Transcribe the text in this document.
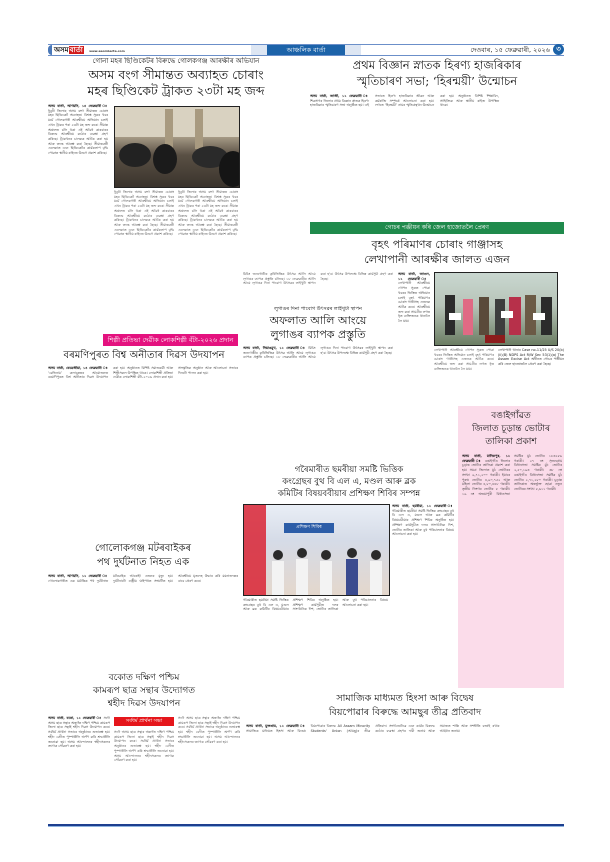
অসমবাৰ্তা www.asombarta.com	আঞ্চলিক বাৰ্তা	দেওবাৰ, ১৫ ফেব্ৰুৱাৰী, ২০২৬ ৩
গোনা মহৰ ছিণ্ডিকেটৰ বিৰুদ্ধে গোলকগঞ্জ আৰক্ষীৰ অভিযান
অসম বংগ সীমান্তত অব্যাহত চোৰাং
মহৰ ছিণ্ডিকেট ট্ৰাকত ২৩টা মহ জব্দ
অসম বাৰ্তা, আগমনি, ১৪ ফেব্ৰুৱাৰী ঃ ধুবুৰী জিলাৰ অসম বংগ সীমান্তত চোৰাং মহৰ ছিণ্ডিকেট অব্যাহত। বিশ্বস্ত সূত্ৰৰ খবৰ মৰ্মে গোলকগঞ্জ আৰক্ষীয়ে অভিযান চলাই এখন ট্ৰাকৰ পৰা ২৩টা মহ জব্দ কৰে। সীমান্ত অঞ্চলত চলি থকা এই অবৈধ কাৰবাৰৰ বিৰুদ্ধে আৰক্ষীয়ে কঠোৰ ব্যৱস্থা গ্ৰহণ কৰিছে। ট্ৰাকখনৰ চালকক আটক কৰা হয় আৰু তদন্ত আৰম্ভ কৰা হৈছে। সীমান্তবৰ্তী এলেকাত এনে ছিণ্ডিকেটৰ কাৰ্যকলাপ বৃদ্ধি পোৱাত স্থানীয় ৰাইজে উদ্বেগ প্ৰকাশ কৰিছে।
ধুবুৰী জিলাৰ অসম বংগ সীমান্তত চোৰাং মহৰ ছিণ্ডিকেট অব্যাহত। বিশ্বস্ত সূত্ৰৰ খবৰ মৰ্মে গোলকগঞ্জ আৰক্ষীয়ে অভিযান চলাই এখন ট্ৰাকৰ পৰা ২৩টা মহ জব্দ কৰে। সীমান্ত অঞ্চলত চলি থকা এই অবৈধ কাৰবাৰৰ বিৰুদ্ধে আৰক্ষীয়ে কঠোৰ ব্যৱস্থা গ্ৰহণ কৰিছে। ট্ৰাকখনৰ চালকক আটক কৰা হয় আৰু তদন্ত আৰম্ভ কৰা হৈছে। সীমান্তবৰ্তী এলেকাত এনে ছিণ্ডিকেটৰ কাৰ্যকলাপ বৃদ্ধি পোৱাত স্থানীয় ৰাইজে উদ্বেগ প্ৰকাশ কৰিছে।
ধুবুৰী জিলাৰ অসম বংগ সীমান্তত চোৰাং মহৰ ছিণ্ডিকেট অব্যাহত। বিশ্বস্ত সূত্ৰৰ খবৰ মৰ্মে গোলকগঞ্জ আৰক্ষীয়ে অভিযান চলাই এখন ট্ৰাকৰ পৰা ২৩টা মহ জব্দ কৰে। সীমান্ত অঞ্চলত চলি থকা এই অবৈধ কাৰবাৰৰ বিৰুদ্ধে আৰক্ষীয়ে কঠোৰ ব্যৱস্থা গ্ৰহণ কৰিছে। ট্ৰাকখনৰ চালকক আটক কৰা হয় আৰু তদন্ত আৰম্ভ কৰা হৈছে। সীমান্তবৰ্তী এলেকাত এনে ছিণ্ডিকেটৰ কাৰ্যকলাপ বৃদ্ধি পোৱাত স্থানীয় ৰাইজে উদ্বেগ প্ৰকাশ কৰিছে।
প্ৰথম বিজ্ঞান স্নাতক হিৰণ্য হাজৰিকাৰ
স্মৃতিচাৰণ সভা; ‘হিৰন্ময়ী’ উন্মোচন
অসম বাৰ্তা, জাজী, ১২ ফেব্ৰুৱাৰী ঃ শিৱসাগৰ জিলাৰ প্ৰথম বিজ্ঞান স্নাতক হিৰণ্য হাজৰিকাৰ স্মৃতিচাৰণ সভা অনুষ্ঠিত হয়। এই সভাতে হিৰণ্য হাজৰিকাৰ জীৱন আৰু কৰ্মৰাজি সম্পৰ্কে আলোচনা কৰা হয়। লগতে ‘হিৰন্ময়ী’ নামৰ স্মৃতিগ্ৰন্থখন উন্মোচন কৰা হয়। অনুষ্ঠানত বিশিষ্ট শিক্ষাবিদ, সাহিত্যিক আৰু স্থানীয় ৰাইজ উপস্থিত থাকে।
গোচৰ পঞ্জীয়ন কৰি জেল হাজোতলৈ প্ৰেৰণ
বৃহৎ পৰিমাণৰ চোৰাং গাঞ্জাসহ
লেখাপানী আৰক্ষীৰ জালত এজন
অসম বাৰ্তা, জাগুন, ১২ ফেব্ৰুৱাৰী ঃ লেখাপানী আৰক্ষীয়ে গোপন সূত্ৰত পোৱা খবৰৰ ভিত্তিত অভিযান চলাই বৃহৎ পৰিমাণৰ চোৰাং গাঞ্জাসহ এজনক আটক কৰে। আৰক্ষীয়ে জব্দ কৰা সামগ্ৰীৰ লগত ধৃত ব্যক্তিজনক থানালৈ লৈ যায়।
লেখাপানী আৰক্ষীয়ে গোপন সূত্ৰত পোৱা খবৰৰ ভিত্তিত অভিযান চলাই বৃহৎ পৰিমাণৰ চোৰাং গাঞ্জাসহ এজনক আটক কৰে। আৰক্ষীয়ে জব্দ কৰা সামগ্ৰীৰ লগত ধৃত ব্যক্তিজনক থানালৈ লৈ যায়।
লেখাপানী থানাৰ Case no-11/25 U/S 20(b)(ii)(B) NDPS Act R/W Sec 53(1)(a) The Assam Excise Act অধীনত গোচৰ পঞ্জীয়ন কৰি জেল হাজোতলৈ প্ৰেৰণ কৰা হৈছে।
শিল্পী প্ৰতিভা দেৱীক লোকশিল্পী বঁটা-২০২৬ প্ৰদান
বৰমণিপুৰত বিশ্ব অনীতাৰ দিৱস উদযাপন
অসম বাৰ্তা, কেৱেজীয়া, ১৪ ফেব্ৰুৱাৰী ঃ ‘বেভিনাম’ কলাকেন্দ্ৰৰ আয়োজনত বৰমণিপুৰত বিশ্ব অনীতাৰ দিৱস উদযাপন কৰা হয়। অনুষ্ঠানত বিশিষ্ট সমাজকৰ্মী আৰু শিল্পীসকল উপস্থিত থাকে। লোকশিল্পী প্ৰতিভা দেৱীক লোকশিল্পী বঁটা-২০২৬ প্ৰদান কৰা হয়। সাংস্কৃতিক অনুষ্ঠান আৰু আলোচনা সভাৰে দিনটো পালন কৰা হয়।
লুগাঙৰ দিনা পাবোগ উৎসৱৰ লাইখুটা স্থাপন
অফলাত আলি আংয়ে
লুগাঙৰ ব্যাপক প্ৰস্তুতি
অসম বাৰ্তা, সিয়াঙমুখ, ১২ ফেব্ৰুৱাৰী ঃ মিচিং জনগোষ্ঠীৰ কৃষিভিত্তিক উৎসৱ আলি আয়ে লৃগাঙৰ ব্যাপক প্ৰস্তুতি চলিছে। ১৮ ফেব্ৰুৱাৰীৰ আলি আয়ে লৃগাঙৰ দিনা পাবোগ উৎসৱৰ লাইখুটা স্থাপন কৰা হ'ব। উৎসৱ উপলক্ষে বিভিন্ন কাৰ্যসূচী গ্ৰহণ কৰা হৈছে।
মিচিং জনগোষ্ঠীৰ কৃষিভিত্তিক উৎসৱ আলি আয়ে লৃগাঙৰ ব্যাপক প্ৰস্তুতি চলিছে। ১৮ ফেব্ৰুৱাৰীৰ আলি আয়ে লৃগাঙৰ দিনা পাবোগ উৎসৱৰ লাইখুটা স্থাপন কৰা হ'ব। উৎসৱ উপলক্ষে বিভিন্ন কাৰ্যসূচী গ্ৰহণ কৰা হৈছে।
গোলোকগঞ্জ মটৰবাইকৰ
পথ দুৰ্ঘটনাত নিহত এক
অসম বাৰ্তা, আগমনি, ১২ ফেব্ৰুৱাৰী ঃ গোলোকগঞ্জত এক মৰ্মান্তিক পথ দুৰ্ঘটনাত মটৰবাইক আৰোহী এজনৰ মৃত্যু হয়। দুৰ্ঘটনাটো ৰাষ্ট্ৰীয় ঘাইপথত সংঘটিত হয়। আৰক্ষীয়ে মৃতদেহ উদ্ধাৰ কৰি ময়নাতদন্তৰ বাবে প্ৰেৰণ কৰে।
গৰৈমাৰীত ছমৰীয়া সমষ্টি ভিত্তিক
কংগ্ৰেছৰ বুথ বি এল এ, মণ্ডল আৰু ব্লক
কমিটিৰ বিষয়ববীয়াৰ প্ৰশিক্ষণ শিবিৰ সম্পন্ন
প্ৰশিক্ষণ শিবিৰ
অসম বাৰ্তা, ছমৰীয়া, ১২ ফেব্ৰুৱাৰী ঃ গৰৈমাৰীত ছমৰীয়া সমষ্টি ভিত্তিক কংগ্ৰেছৰ বুথ বি এল এ, মণ্ডল আৰু ব্লক কমিটিৰ বিষয়ববীয়াৰ প্ৰশিক্ষণ শিবিৰ অনুষ্ঠিত হয়। প্ৰশিক্ষণ কাৰ্যসূচীত দলৰ সাংগঠনিক দিশ, ভোটাৰ তালিকা আৰু বুথ পৰিচালনাৰ বিষয়ে আলোচনা কৰা হয়।
গৰৈমাৰীত ছমৰীয়া সমষ্টি ভিত্তিক কংগ্ৰেছৰ বুথ বি এল এ, মণ্ডল আৰু ব্লক কমিটিৰ বিষয়ববীয়াৰ প্ৰশিক্ষণ শিবিৰ অনুষ্ঠিত হয়। প্ৰশিক্ষণ কাৰ্যসূচীত দলৰ সাংগঠনিক দিশ, ভোটাৰ তালিকা আৰু বুথ পৰিচালনাৰ বিষয়ে আলোচনা কৰা হয়।
বঙাইগাঁৱত
জিলাত চূড়ান্ত ভোটাৰ
তালিকা প্ৰকাশ
অসম বাৰ্তা, মানিকপুৰ, ১২ ফেব্ৰুৱাৰী ঃ বঙাইগাঁও জিলাৰ চূড়ান্ত ভোটাৰ তালিকা প্ৰকাশ কৰা হয়। সমগ্ৰ জিলাত মুঠ ভোটাৰৰ সংখ্যা ৯,৭১,২০০ গৰাকী। ইয়াৰে পুৰুষ ভোটাৰ ৪,৯০,৭৫২ আৰু মহিলা ভোটাৰ ৪,৮০,৪৪৮ গৰাকী। তৃতীয় লিংগৰ ভোটাৰ ৮ গৰাকী। ১৯ নং অভয়াপুৰী বিধানসভা সমষ্টিৰ মুঠ ভোটাৰ ১৮৩২৮৬ গৰাকী। ২৭ নং সৃজনগ্ৰাম বিধানসভা সমষ্টিৰ মুঠ ভোটাৰ ২,৫০,১৯৩ গৰাকী। ৩৮ নং বঙাইগাঁও বিধানসভা সমষ্টিৰ মুঠ ভোটাৰ ২,৭১,২৮০ গৰাকী। চূড়ান্ত তালিকাত অন্তৰ্ভুক্ত হোৱা নতুন ভোটাৰৰ সংখ্যা ৫,৬১১ গৰাকী।
বকোত দক্ষিণ পশ্চিম
কামৰূপ ছাত্ৰ সন্থাৰ উদ্যোগত
শ্বহীদ দিৱস উদযাপন
অসম বাৰ্তা, বকো, ১২ ফেব্ৰুৱাৰী ঃ সদৌ অসম ছাত্ৰ সন্থাৰ অন্তৰ্গত দক্ষিণ পশ্চিম কামৰূপ জিলা ছাত্ৰ সন্থাই শ্বহীদ দিৱস উদযাপন কৰে। সৰ্বধৰ্ম প্ৰাৰ্থনা সভাৰে অনুষ্ঠানৰ শুভাৰম্ভ হয়। শ্বহীদ বেদীত পুষ্পাঞ্জলি অৰ্পণ কৰি শ্ৰদ্ধাঞ্জলি জনোৱা হয়। অসম আন্দোলনৰ শ্বহীদসকলৰ ত্যাগক সোঁৱৰণ কৰা হয়।
সৰ্বধৰ্ম প্ৰাৰ্থনা সভা
সদৌ অসম ছাত্ৰ সন্থাৰ অন্তৰ্গত দক্ষিণ পশ্চিম কামৰূপ জিলা ছাত্ৰ সন্থাই শ্বহীদ দিৱস উদযাপন কৰে। সৰ্বধৰ্ম প্ৰাৰ্থনা সভাৰে অনুষ্ঠানৰ শুভাৰম্ভ হয়। শ্বহীদ বেদীত পুষ্পাঞ্জলি অৰ্পণ কৰি শ্ৰদ্ধাঞ্জলি জনোৱা হয়। অসম আন্দোলনৰ শ্বহীদসকলৰ ত্যাগক সোঁৱৰণ কৰা হয়।
সদৌ অসম ছাত্ৰ সন্থাৰ অন্তৰ্গত দক্ষিণ পশ্চিম কামৰূপ জিলা ছাত্ৰ সন্থাই শ্বহীদ দিৱস উদযাপন কৰে। সৰ্বধৰ্ম প্ৰাৰ্থনা সভাৰে অনুষ্ঠানৰ শুভাৰম্ভ হয়। শ্বহীদ বেদীত পুষ্পাঞ্জলি অৰ্পণ কৰি শ্ৰদ্ধাঞ্জলি জনোৱা হয়। অসম আন্দোলনৰ শ্বহীদসকলৰ ত্যাগক সোঁৱৰণ কৰা হয়।
সামাজিক মাধ্যমত হিংসা আৰু বিদ্বেষ
বিয়পোৱাৰ বিৰুদ্ধে আমছুৰ তীব্ৰ প্ৰতিবাদ
অসম বাৰ্তা, মুক্তগ্ৰাম, ১২ ফেব্ৰুৱাৰী ঃ সামাজিক মাধ্যমত হিংসা আৰু বিদ্বেষ বিয়পোৱাৰ বিৰুদ্ধে All Assam Minority Students' Union (আমছু)ৰ তীব্ৰ প্ৰতিবাদ। সংগঠনটোৱে এনে কাৰ্যৰ বিৰুদ্ধে কঠোৰ ব্যৱস্থা গ্ৰহণৰ দাবী জনায় আৰু সমাজত শান্তি আৰু সম্প্ৰীতি বজাই ৰখাৰ আহ্বান জনায়।
